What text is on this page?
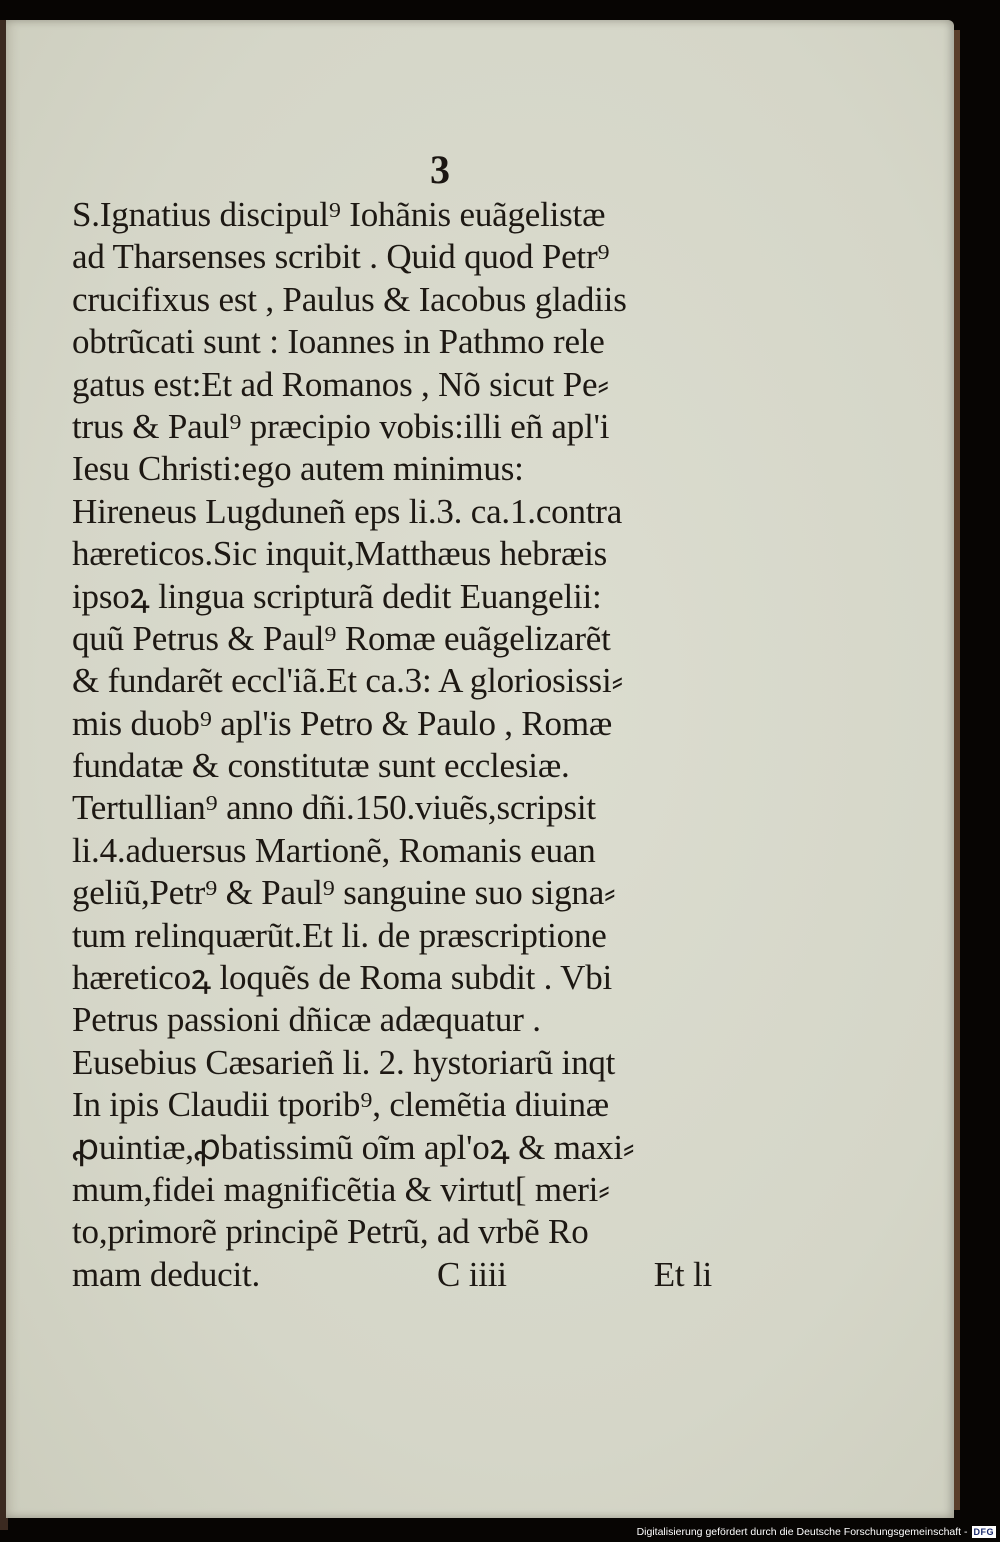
3
S.Ignatius discipul⁹ Iohãnis euãgelistæ
ad Tharsenses scribit . Quid quod Petr⁹
crucifixus est , Paulus & Iacobus gladiis
obtrũcati sunt : Ioannes in Pathmo rele
gatus est:Et ad Romanos , Nõ sicut Pe⸗
trus & Paul⁹ præcipio vobis:illi eñ apl'i
Iesu Christi:ego autem minimus:
Hireneus Lugduneñ eps li.3. ca.1.contra
hæreticos.Sic inquit,Matthæus hebræis
ipsoꝝ lingua scripturã dedit Euangelii:
quũ Petrus & Paul⁹ Romæ euãgelizarẽt
& fundarẽt eccl'iã.Et ca.3: A gloriosissi⸗
mis duob⁹ apl'is Petro & Paulo , Romæ
fundatæ & constitutæ sunt ecclesiæ.
Tertullian⁹ anno dñi.150.viuẽs,scripsit
li.4.aduersus Martionẽ, Romanis euan
geliũ,Petr⁹ & Paul⁹ sanguine suo signa⸗
tum relinquærũt.Et li. de præscriptione
hæreticoꝝ loquẽs de Roma subdit . Vbi
Petrus passioni dñicæ adæquatur .
Eusebius Cæsarieñ li. 2. hystoriarũ inqt
In ipis Claudii tporib⁹, clemẽtia diuinæ
ꝓuintiæ,ꝓbatissimũ oĩm apl'oꝝ & maxi⸗
mum,fidei magnificẽtia & virtut[ meri⸗
to,primorẽ principẽ Petrũ, ad vrbẽ Ro
mam deducit.	C iiii	Et li
Digitalisierung gefördert durch die Deutsche Forschungsgemeinschaft - DFG
